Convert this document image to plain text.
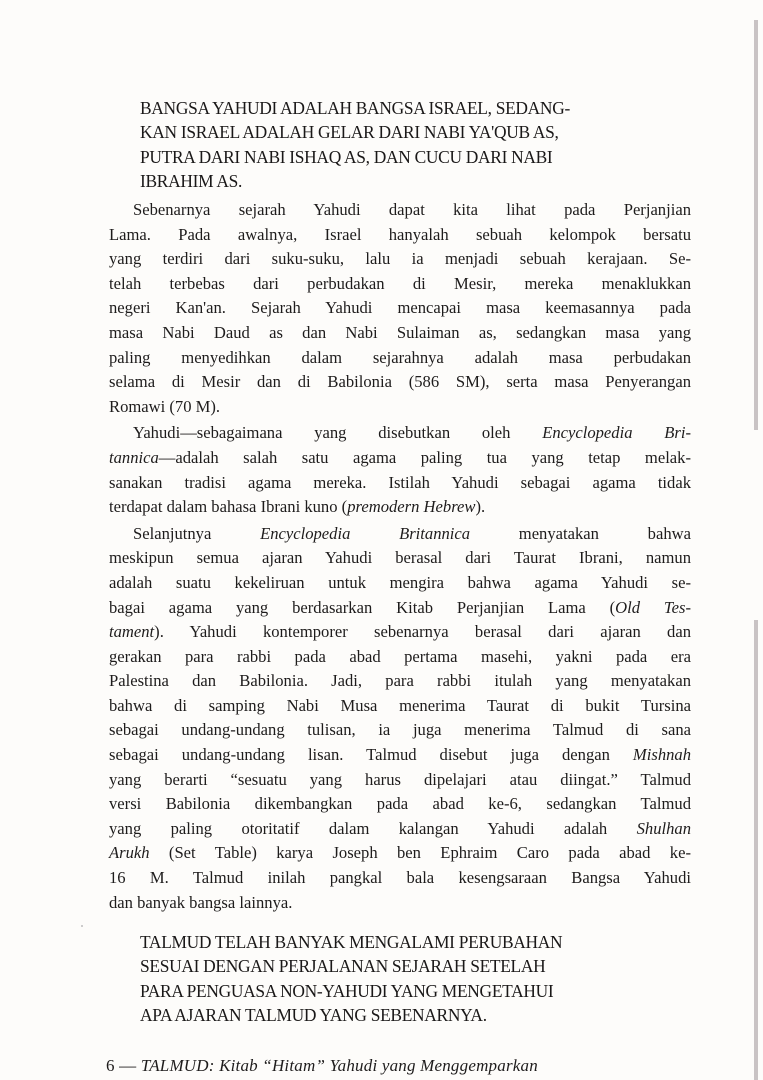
BANGSA YAHUDI ADALAH BANGSA ISRAEL, SEDANG-
KAN ISRAEL ADALAH GELAR DARI NABI YA'QUB AS,
PUTRA DARI NABI ISHAQ AS, DAN CUCU DARI NABI
IBRAHIM AS.
Sebenarnya sejarah Yahudi dapat kita lihat pada Perjanjian
Lama. Pada awalnya, Israel hanyalah sebuah kelompok bersatu
yang terdiri dari suku-suku, lalu ia menjadi sebuah kerajaan. Se-
telah terbebas dari perbudakan di Mesir, mereka menaklukkan
negeri Kan'an. Sejarah Yahudi mencapai masa keemasannya pada
masa Nabi Daud as dan Nabi Sulaiman as, sedangkan masa yang
paling menyedihkan dalam sejarahnya adalah masa perbudakan
selama di Mesir dan di Babilonia (586 SM), serta masa Penyerangan
Romawi (70 M).
Yahudi—sebagaimana yang disebutkan oleh Encyclopedia Bri-
tannica—adalah salah satu agama paling tua yang tetap melak-
sanakan tradisi agama mereka. Istilah Yahudi sebagai agama tidak
terdapat dalam bahasa Ibrani kuno (premodern Hebrew).
Selanjutnya Encyclopedia Britannica menyatakan bahwa
meskipun semua ajaran Yahudi berasal dari Taurat Ibrani, namun
adalah suatu kekeliruan untuk mengira bahwa agama Yahudi se-
bagai agama yang berdasarkan Kitab Perjanjian Lama (Old Tes-
tament). Yahudi kontemporer sebenarnya berasal dari ajaran dan
gerakan para rabbi pada abad pertama masehi, yakni pada era
Palestina dan Babilonia. Jadi, para rabbi itulah yang menyatakan
bahwa di samping Nabi Musa menerima Taurat di bukit Tursina
sebagai undang-undang tulisan, ia juga menerima Talmud di sana
sebagai undang-undang lisan. Talmud disebut juga dengan Mishnah
yang berarti “sesuatu yang harus dipelajari atau diingat.” Talmud
versi Babilonia dikembangkan pada abad ke-6, sedangkan Talmud
yang paling otoritatif dalam kalangan Yahudi adalah Shulhan
Arukh (Set Table) karya Joseph ben Ephraim Caro pada abad ke-
16 M. Talmud inilah pangkal bala kesengsaraan Bangsa Yahudi
dan banyak bangsa lainnya.
TALMUD TELAH BANYAK MENGALAMI PERUBAHAN
SESUAI DENGAN PERJALANAN SEJARAH SETELAH
PARA PENGUASA NON-YAHUDI YANG MENGETAHUI
APA AJARAN TALMUD YANG SEBENARNYA.
6 — TALMUD: Kitab “Hitam” Yahudi yang Menggemparkan
